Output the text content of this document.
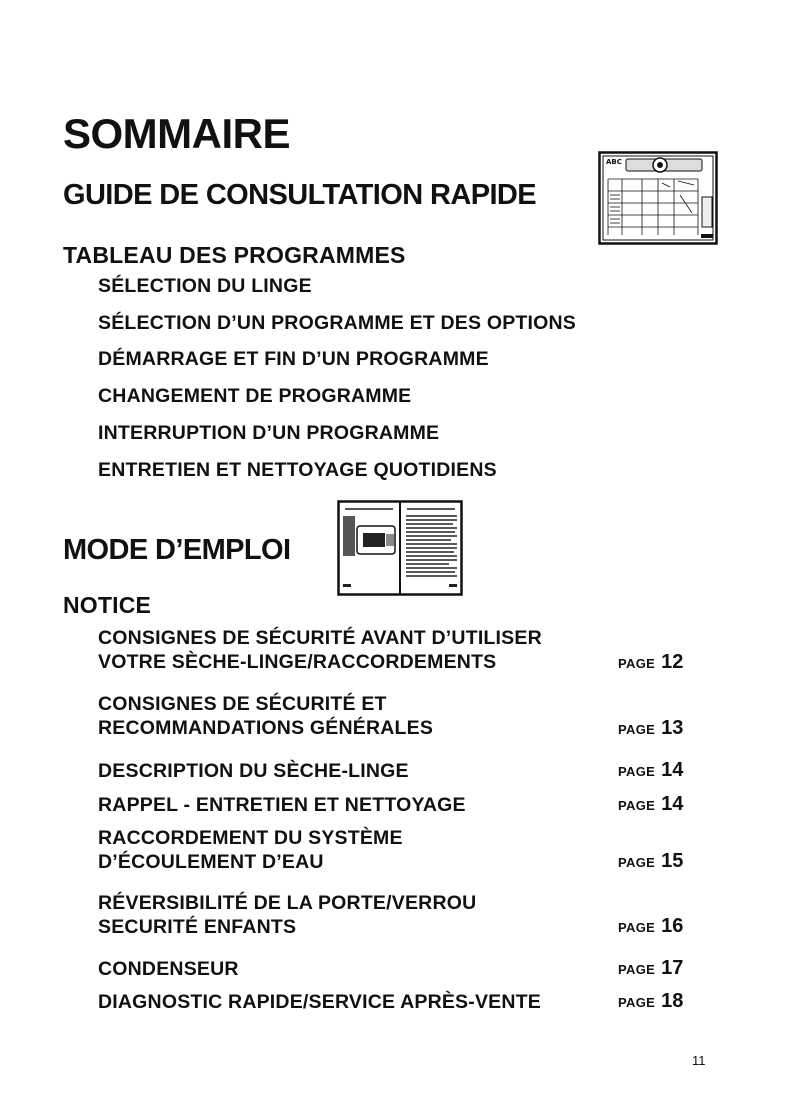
SOMMAIRE
GUIDE DE CONSULTATION RAPIDE
ABC
TABLEAU DES PROGRAMMES
SÉLECTION DU LINGE
SÉLECTION D’UN PROGRAMME ET DES OPTIONS
DÉMARRAGE ET FIN D’UN PROGRAMME
CHANGEMENT DE PROGRAMME
INTERRUPTION D’UN PROGRAMME
ENTRETIEN ET NETTOYAGE QUOTIDIENS
MODE D’EMPLOI
NOTICE
CONSIGNES DE SÉCURITÉ AVANT D’UTILISER
VOTRE SÈCHE-LINGE/RACCORDEMENTS	PAGE 12
CONSIGNES DE SÉCURITÉ ET
RECOMMANDATIONS GÉNÉRALES	PAGE 13
DESCRIPTION DU SÈCHE-LINGE	PAGE 14
RAPPEL - ENTRETIEN ET NETTOYAGE	PAGE 14
RACCORDEMENT DU SYSTÈME
D’ÉCOULEMENT D’EAU	PAGE 15
RÉVERSIBILITÉ DE LA PORTE/VERROU
SECURITÉ ENFANTS	PAGE 16
CONDENSEUR	PAGE 17
DIAGNOSTIC RAPIDE/SERVICE APRÈS-VENTE	PAGE 18
11
